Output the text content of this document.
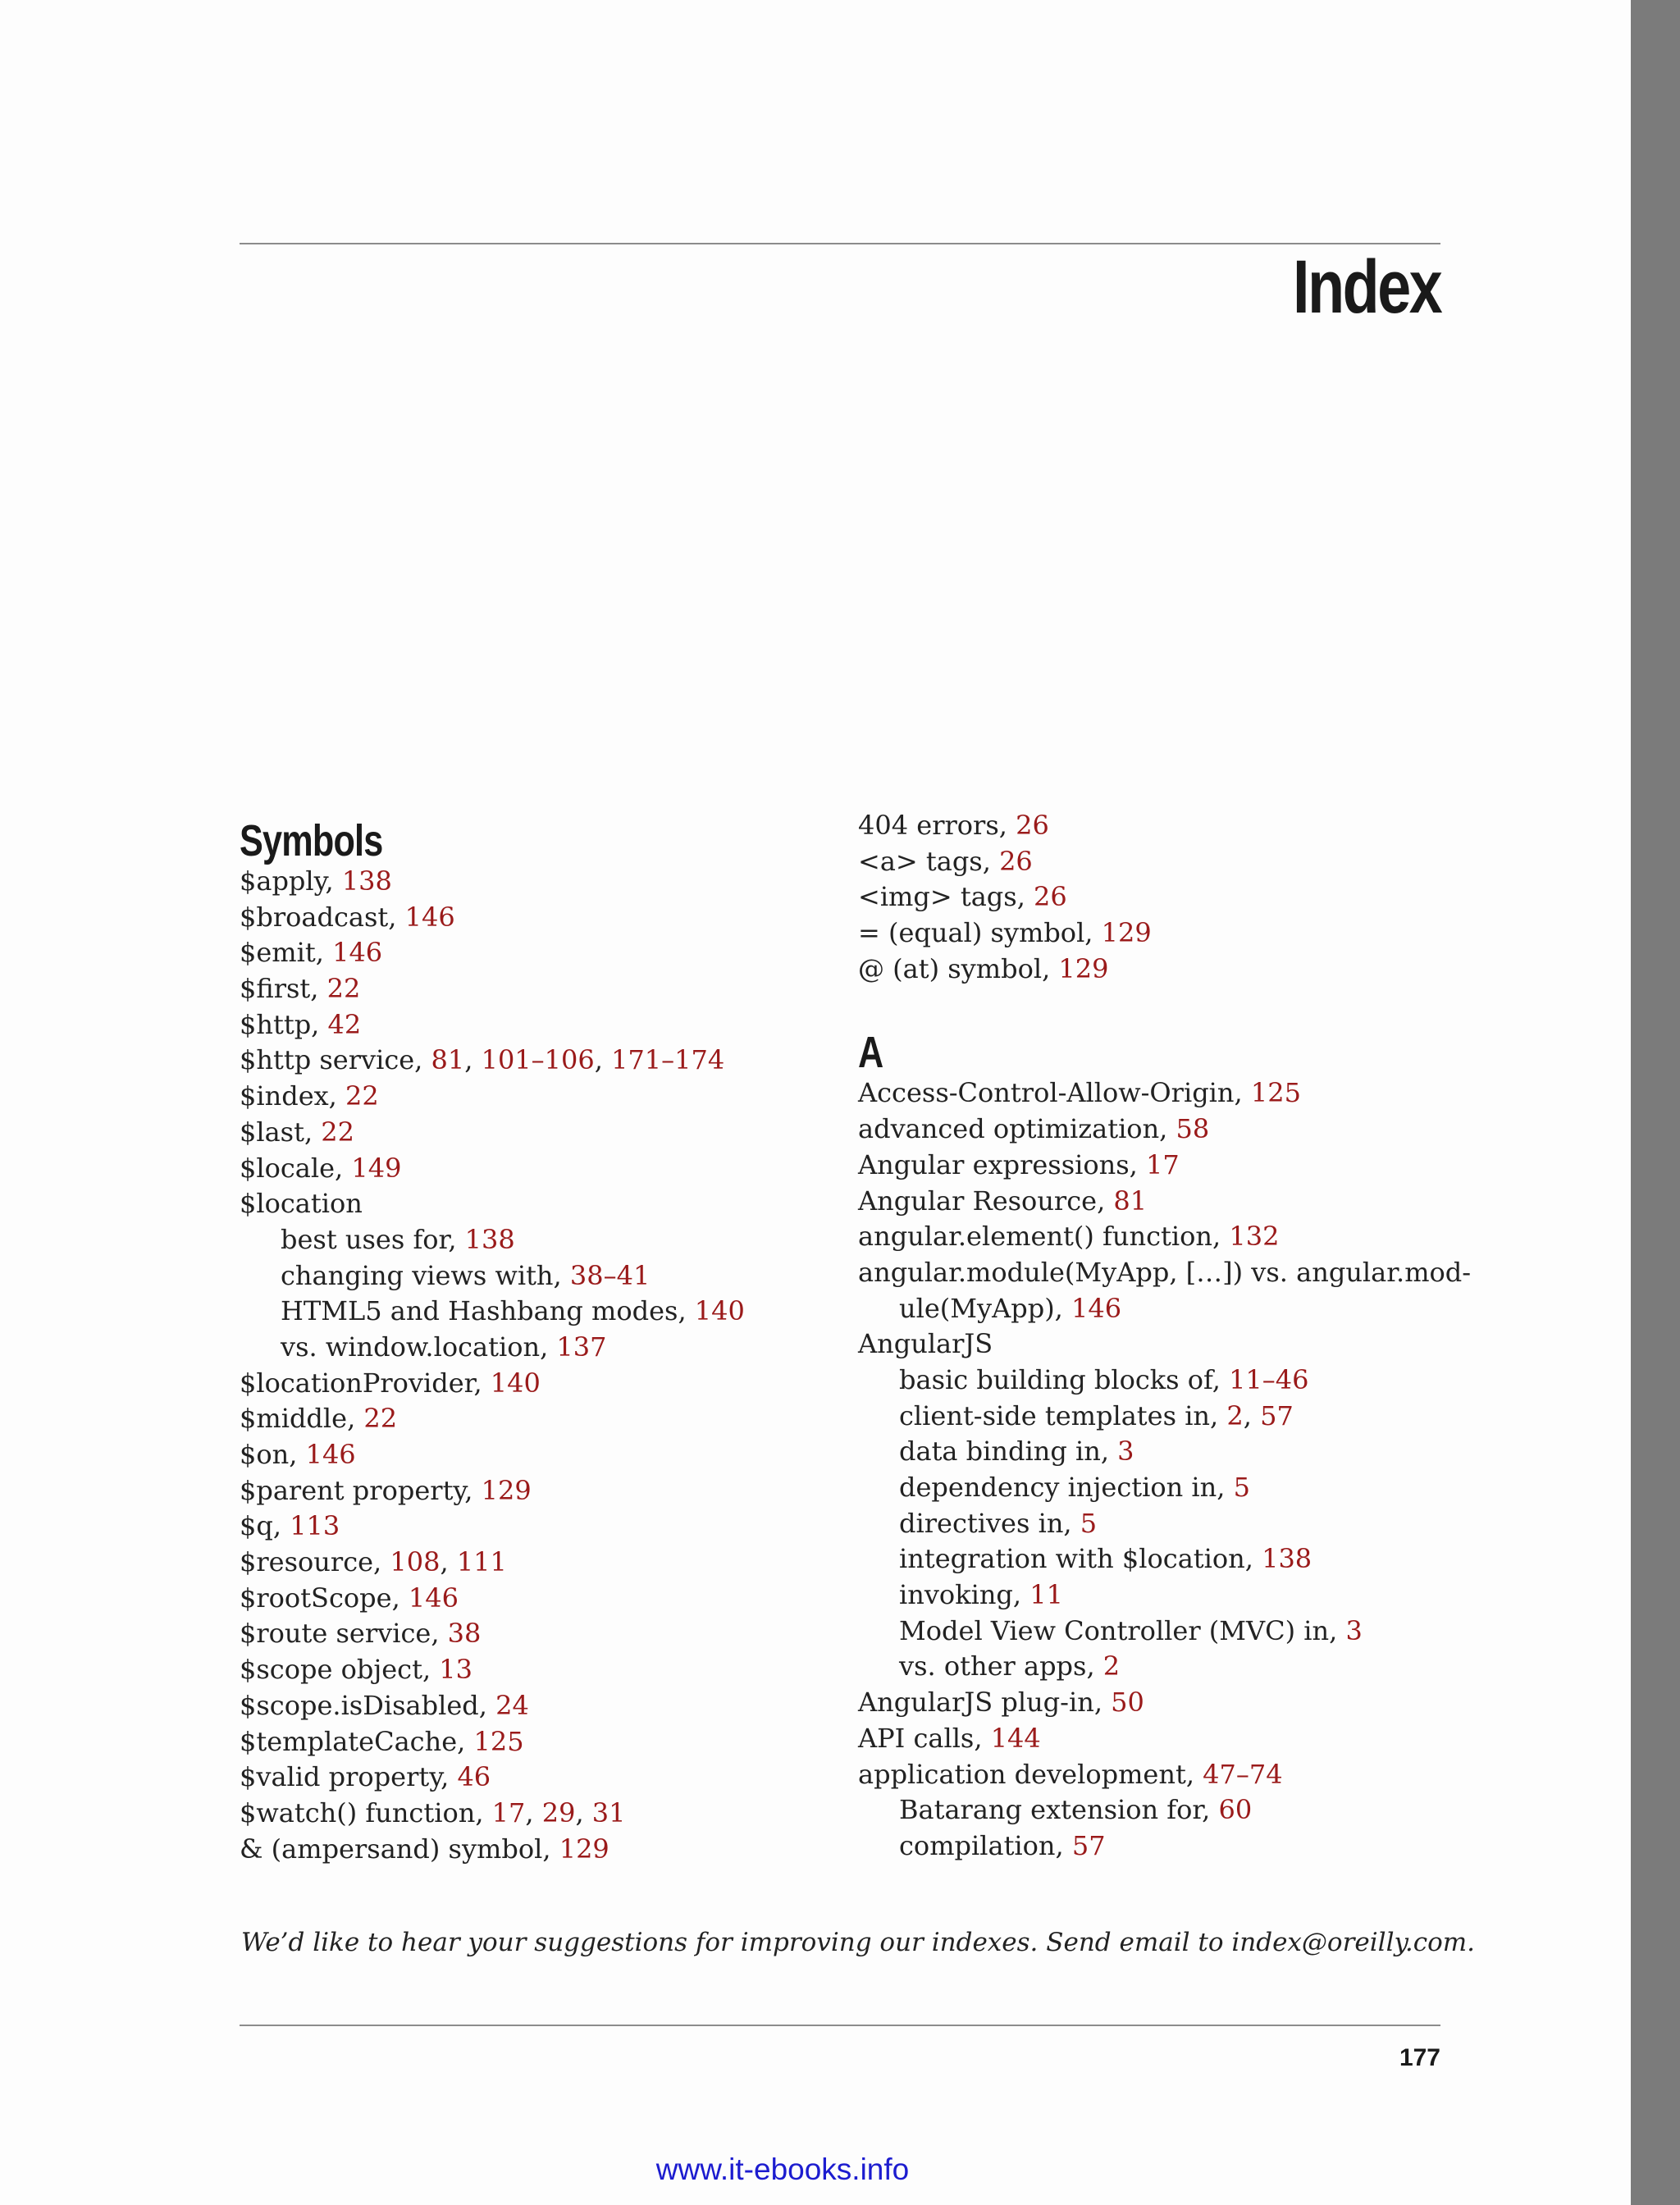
Index
Symbols
$apply, 138
$broadcast, 146
$emit, 146
$first, 22
$http, 42
$http service, 81, 101–106, 171–174
$index, 22
$last, 22
$locale, 149
$location
best uses for, 138
changing views with, 38–41
HTML5 and Hashbang modes, 140
vs. window.location, 137
$locationProvider, 140
$middle, 22
$on, 146
$parent property, 129
$q, 113
$resource, 108, 111
$rootScope, 146
$route service, 38
$scope object, 13
$scope.isDisabled, 24
$templateCache, 125
$valid property, 46
$watch() function, 17, 29, 31
& (ampersand) symbol, 129
404 errors, 26
<a> tags, 26
<img> tags, 26
= (equal) symbol, 129
@ (at) symbol, 129
A
Access-Control-Allow-Origin, 125
advanced optimization, 58
Angular expressions, 17
Angular Resource, 81
angular.element() function, 132
angular.module(MyApp, […]) vs. angular.mod-
ule(MyApp), 146
AngularJS
basic building blocks of, 11–46
client-side templates in, 2, 57
data binding in, 3
dependency injection in, 5
directives in, 5
integration with $location, 138
invoking, 11
Model View Controller (MVC) in, 3
vs. other apps, 2
AngularJS plug-in, 50
API calls, 144
application development, 47–74
Batarang extension for, 60
compilation, 57

We’d like to hear your suggestions for improving our indexes. Send email to index@oreilly.com.

177
www.it-ebooks.info
